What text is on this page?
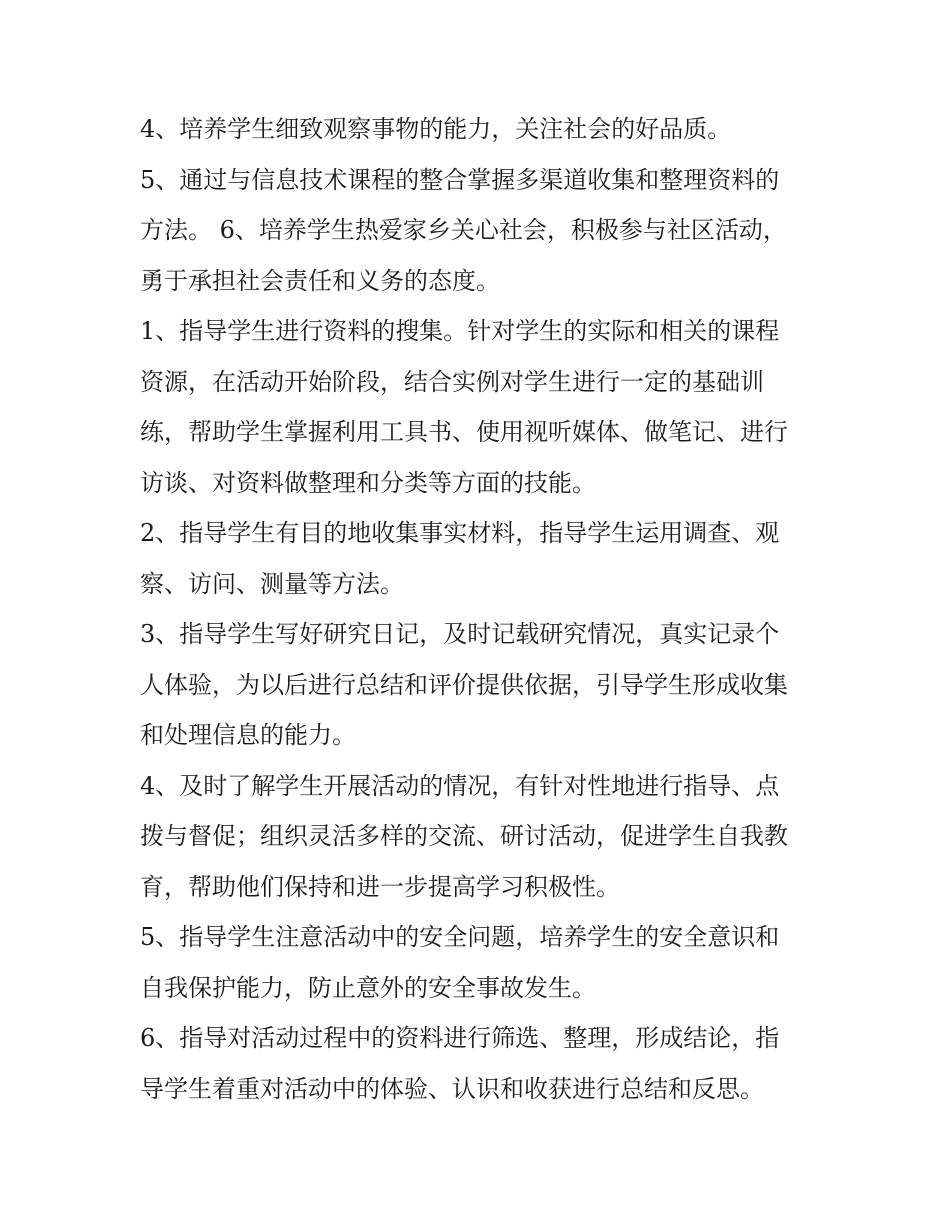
4、培养学生细致观察事物的能力，关注社会的好品质。

5、通过与信息技术课程的整合掌握多渠道收集和整理资料的
方法。 6、培养学生热爱家乡关心社会，积极参与社区活动，
勇于承担社会责任和义务的态度。

1、指导学生进行资料的搜集。针对学生的实际和相关的课程
资源，在活动开始阶段，结合实例对学生进行一定的基础训
练，帮助学生掌握利用工具书、使用视听媒体、做笔记、进行
访谈、对资料做整理和分类等方面的技能。

2、指导学生有目的地收集事实材料，指导学生运用调查、观
察、访问、测量等方法。

3、指导学生写好研究日记，及时记载研究情况，真实记录个
人体验，为以后进行总结和评价提供依据，引导学生形成收集
和处理信息的能力。

4、及时了解学生开展活动的情况，有针对性地进行指导、点
拨与督促；组织灵活多样的交流、研讨活动，促进学生自我教
育，帮助他们保持和进一步提高学习积极性。

5、指导学生注意活动中的安全问题，培养学生的安全意识和
自我保护能力，防止意外的安全事故发生。

6、指导对活动过程中的资料进行筛选、整理，形成结论，指
导学生着重对活动中的体验、认识和收获进行总结和反思。
